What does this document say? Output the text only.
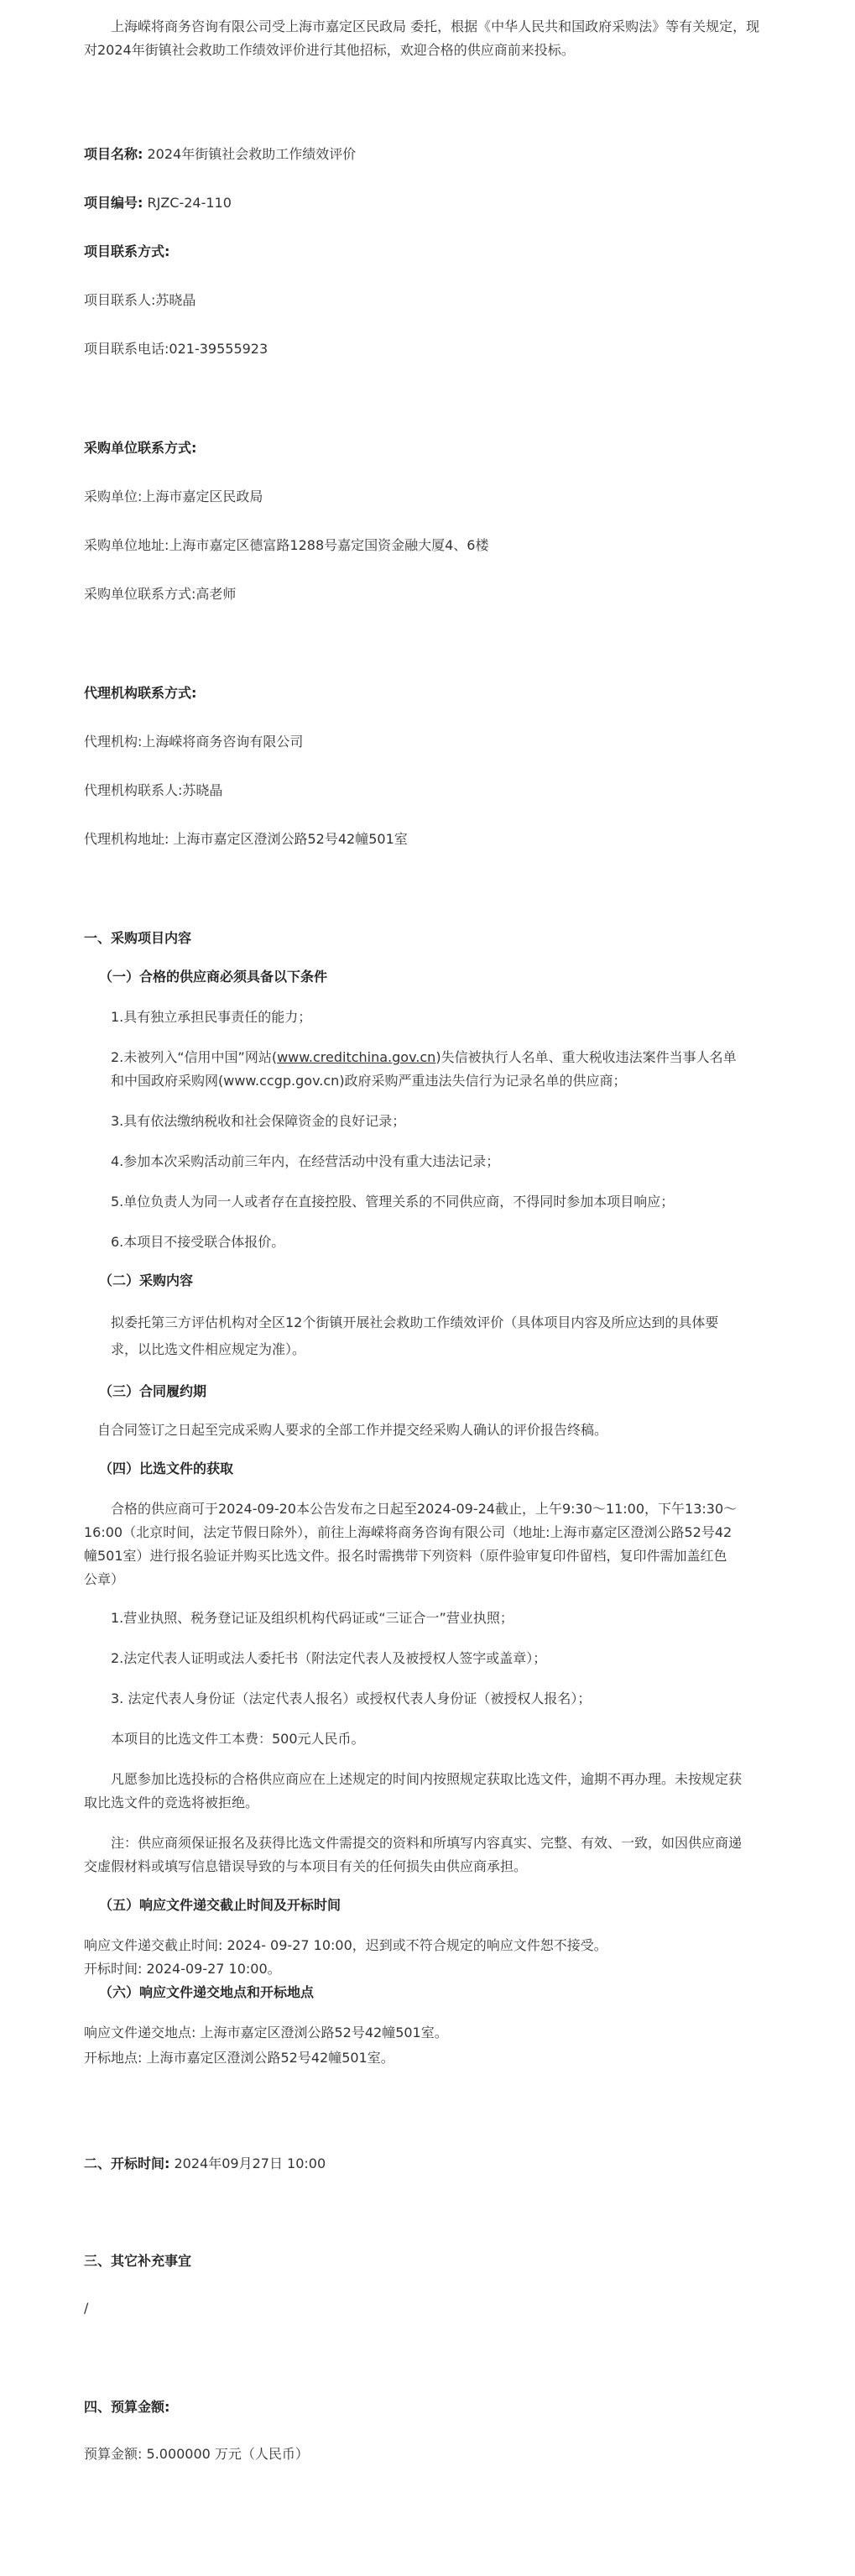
上海嵘将商务咨询有限公司受上海市嘉定区民政局 委托，根据《中华人民共和国政府采购法》等有关规定，现对2024年街镇社会救助工作绩效评价进行其他招标，欢迎合格的供应商前来投标。

项目名称: 2024年街镇社会救助工作绩效评价

项目编号: RJZC-24-110

项目联系方式:

项目联系人:苏晓晶

项目联系电话:021-39555923

采购单位联系方式:

采购单位:上海市嘉定区民政局

采购单位地址:上海市嘉定区德富路1288号嘉定国资金融大厦4、6楼

采购单位联系方式:高老师

代理机构联系方式:

代理机构:上海嵘将商务咨询有限公司

代理机构联系人:苏晓晶

代理机构地址: 上海市嘉定区澄浏公路52号42幢501室

一、采购项目内容

（一）合格的供应商必须具备以下条件

1.具有独立承担民事责任的能力；

2.未被列入“信用中国”网站(www.creditchina.gov.cn)失信被执行人名单、重大税收违法案件当事人名单

和中国政府采购网(www.ccgp.gov.cn)政府采购严重违法失信行为记录名单的供应商；

3.具有依法缴纳税收和社会保障资金的良好记录；

4.参加本次采购活动前三年内，在经营活动中没有重大违法记录；

5.单位负责人为同一人或者存在直接控股、管理关系的不同供应商，不得同时参加本项目响应；

6.本项目不接受联合体报价。

（二）采购内容

拟委托第三方评估机构对全区12个街镇开展社会救助工作绩效评价（具体项目内容及所应达到的具体要

求，以比选文件相应规定为准）。

（三）合同履约期

自合同签订之日起至完成采购人要求的全部工作并提交经采购人确认的评价报告终稿。

（四）比选文件的获取

合格的供应商可于2024-09-20本公告发布之日起至2024-09-24截止，上午9:30～11:00，下午13:30～

16:00（北京时间，法定节假日除外），前往上海嵘将商务咨询有限公司（地址:上海市嘉定区澄浏公路52号42

幢501室）进行报名验证并购买比选文件。报名时需携带下列资料（原件验审复印件留档，复印件需加盖红色

公章）

1.营业执照、税务登记证及组织机构代码证或“三证合一”营业执照；

2.法定代表人证明或法人委托书（附法定代表人及被授权人签字或盖章）；

3. 法定代表人身份证（法定代表人报名）或授权代表人身份证（被授权人报名）；

本项目的比选文件工本费：500元人民币。

凡愿参加比选投标的合格供应商应在上述规定的时间内按照规定获取比选文件，逾期不再办理。未按规定获

取比选文件的竞选将被拒绝。

注：供应商须保证报名及获得比选文件需提交的资料和所填写内容真实、完整、有效、一致，如因供应商递

交虚假材料或填写信息错误导致的与本项目有关的任何损失由供应商承担。

（五）响应文件递交截止时间及开标时间

响应文件递交截止时间: 2024- 09-27 10:00，迟到或不符合规定的响应文件恕不接受。

开标时间: 2024-09-27 10:00。

（六）响应文件递交地点和开标地点

响应文件递交地点: 上海市嘉定区澄浏公路52号42幢501室。

开标地点: 上海市嘉定区澄浏公路52号42幢501室。

二、开标时间: 2024年09月27日 10:00

三、其它补充事宜

/

四、预算金额:

预算金额: 5.000000 万元（人民币）
